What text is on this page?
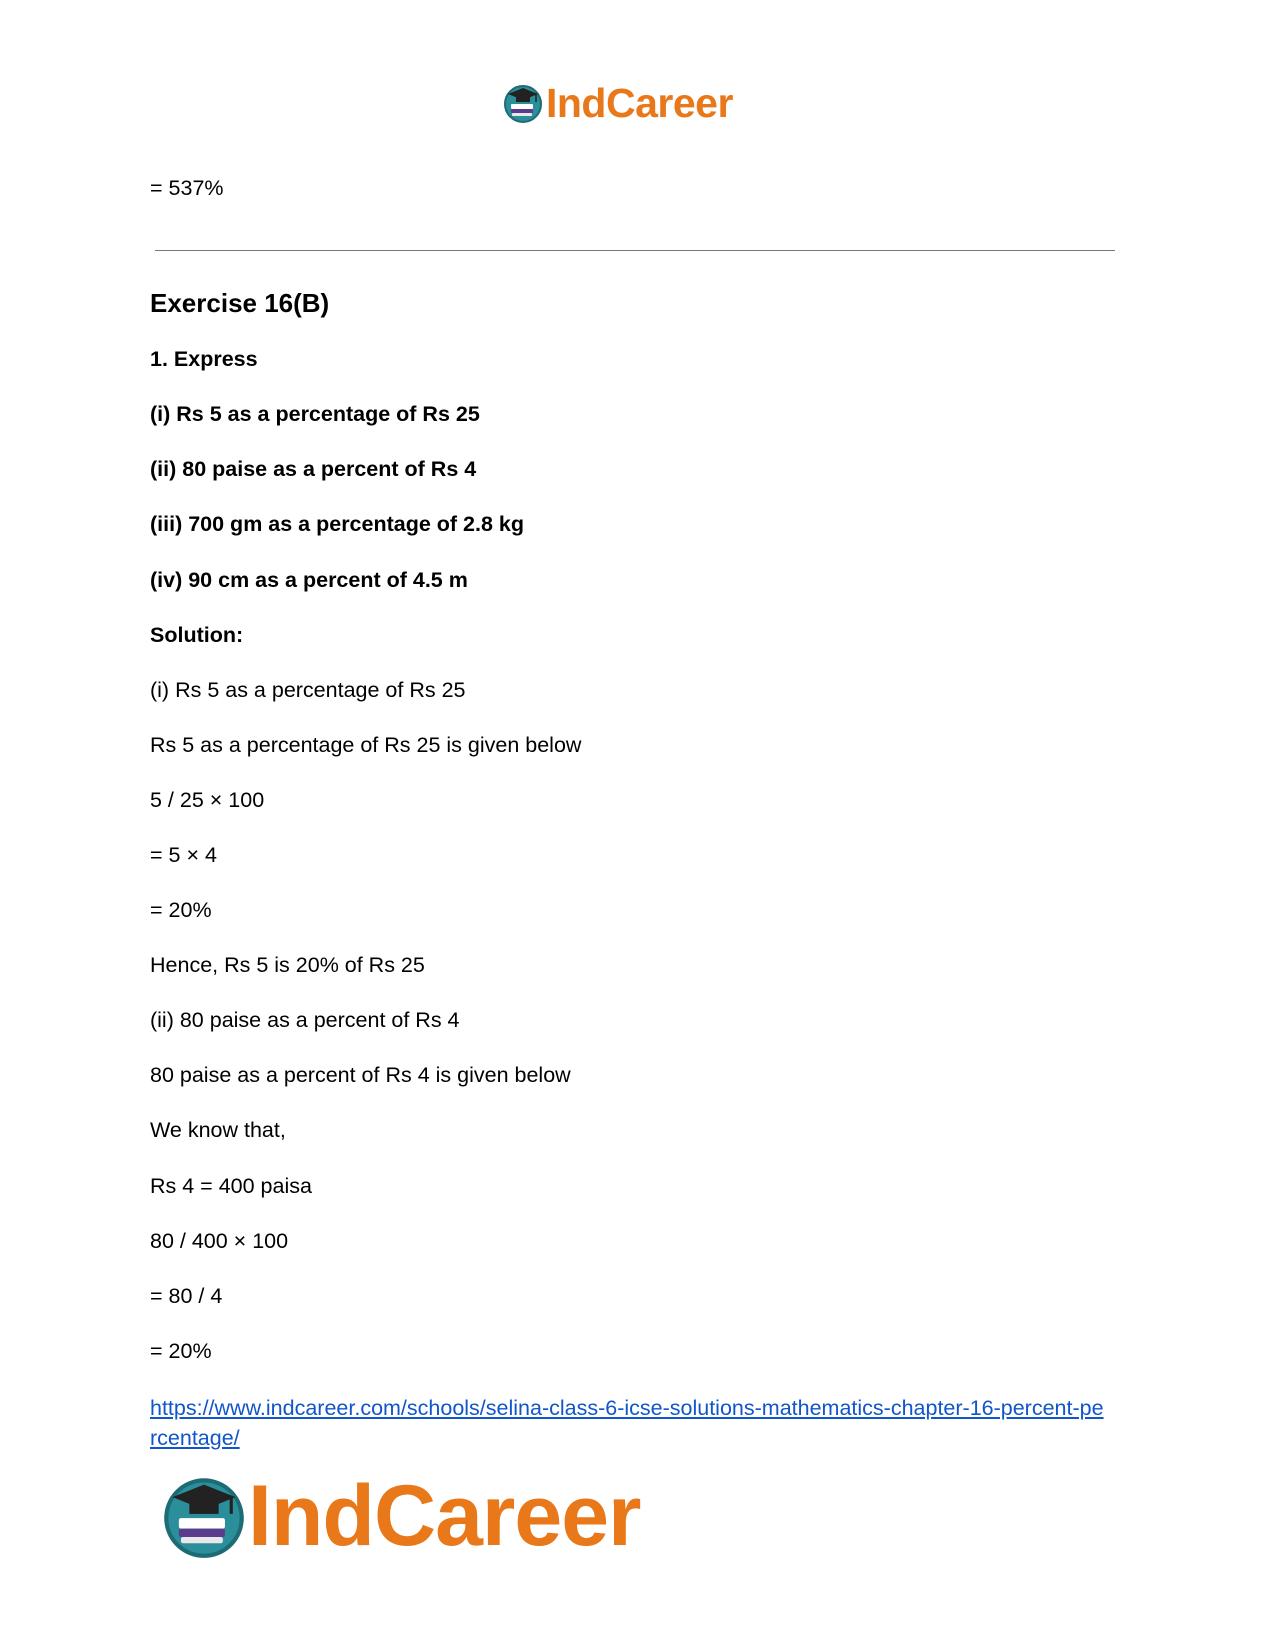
IndCareer
= 537%
Exercise 16(B)
1. Express
(i) Rs 5 as a percentage of Rs 25
(ii) 80 paise as a percent of Rs 4
(iii) 700 gm as a percentage of 2.8 kg
(iv) 90 cm as a percent of 4.5 m
Solution:
(i) Rs 5 as a percentage of Rs 25
Rs 5 as a percentage of Rs 25 is given below
5 / 25 × 100
= 5 × 4
= 20%
Hence, Rs 5 is 20% of Rs 25
(ii) 80 paise as a percent of Rs 4
80 paise as a percent of Rs 4 is given below
We know that,
Rs 4 = 400 paisa
80 / 400 × 100
= 80 / 4
= 20%
https://www.indcareer.com/schools/selina-class-6-icse-solutions-mathematics-chapter-16-percent-percentage/
IndCareer
